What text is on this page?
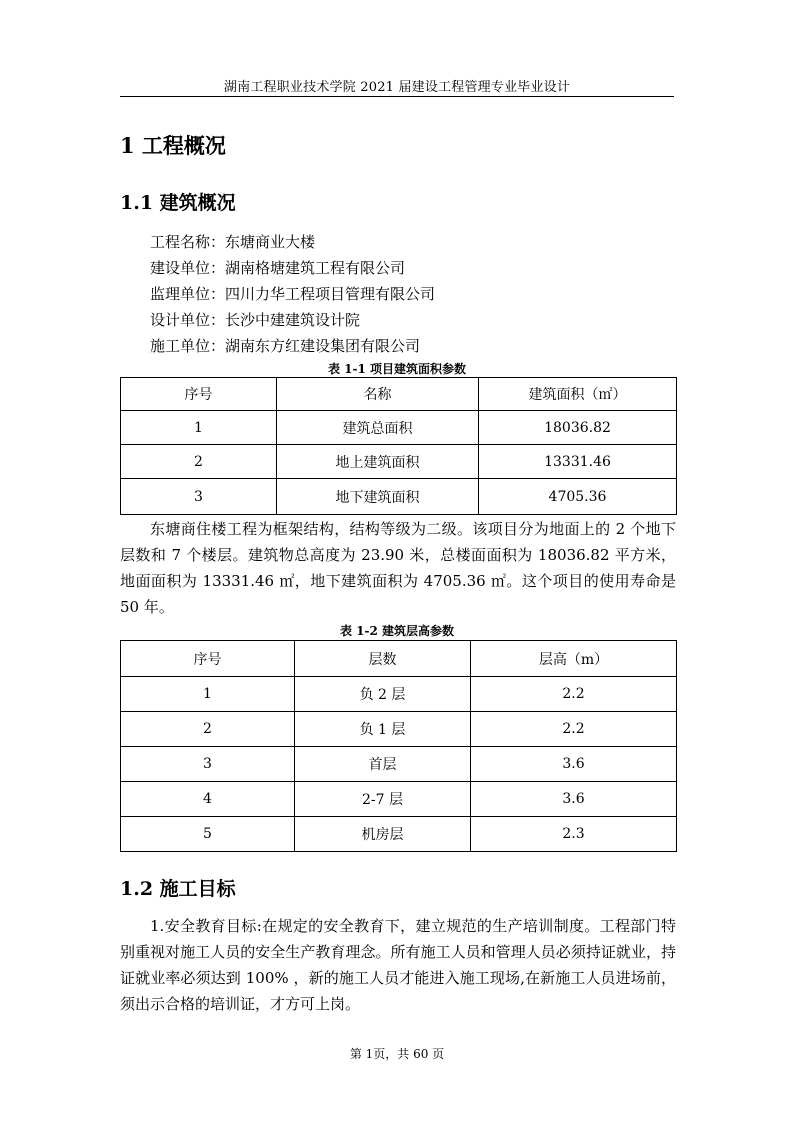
湖南工程职业技术学院 2021 届建设工程管理专业毕业设计
1 工程概况
1.1 建筑概况
工程名称：东塘商业大楼
建设单位：湖南格塘建筑工程有限公司
监理单位：四川力华工程项目管理有限公司
设计单位：长沙中建建筑设计院
施工单位：湖南东方红建设集团有限公司
表 1-1 项目建筑面积参数
序号	名称	建筑面积（㎡）
1	建筑总面积	18036.82
2	地上建筑面积	13331.46
3	地下建筑面积	4705.36

东塘商住楼工程为框架结构，结构等级为二级。该项目分为地面上的 2 个地下层数和 7 个楼层。建筑物总高度为 23.90 米，总楼面面积为 18036.82 平方米，地面面积为 13331.46 ㎡，地下建筑面积为 4705.36 ㎡。这个项目的使用寿命是 50 年。

表 1-2 建筑层高参数
序号	层数	层高（m）
1	负 2 层	2.2
2	负 1 层	2.2
3	首层	3.6
4	2-7 层	3.6
5	机房层	2.3
1.2 施工目标

1.安全教育目标:在规定的安全教育下，建立规范的生产培训制度。工程部门特别重视对施工人员的安全生产教育理念。所有施工人员和管理人员必须持证就业，持证就业率必须达到 100% ，新的施工人员才能进入施工现场,在新施工人员进场前，须出示合格的培训证，才方可上岗。

第 1页，共 60 页
